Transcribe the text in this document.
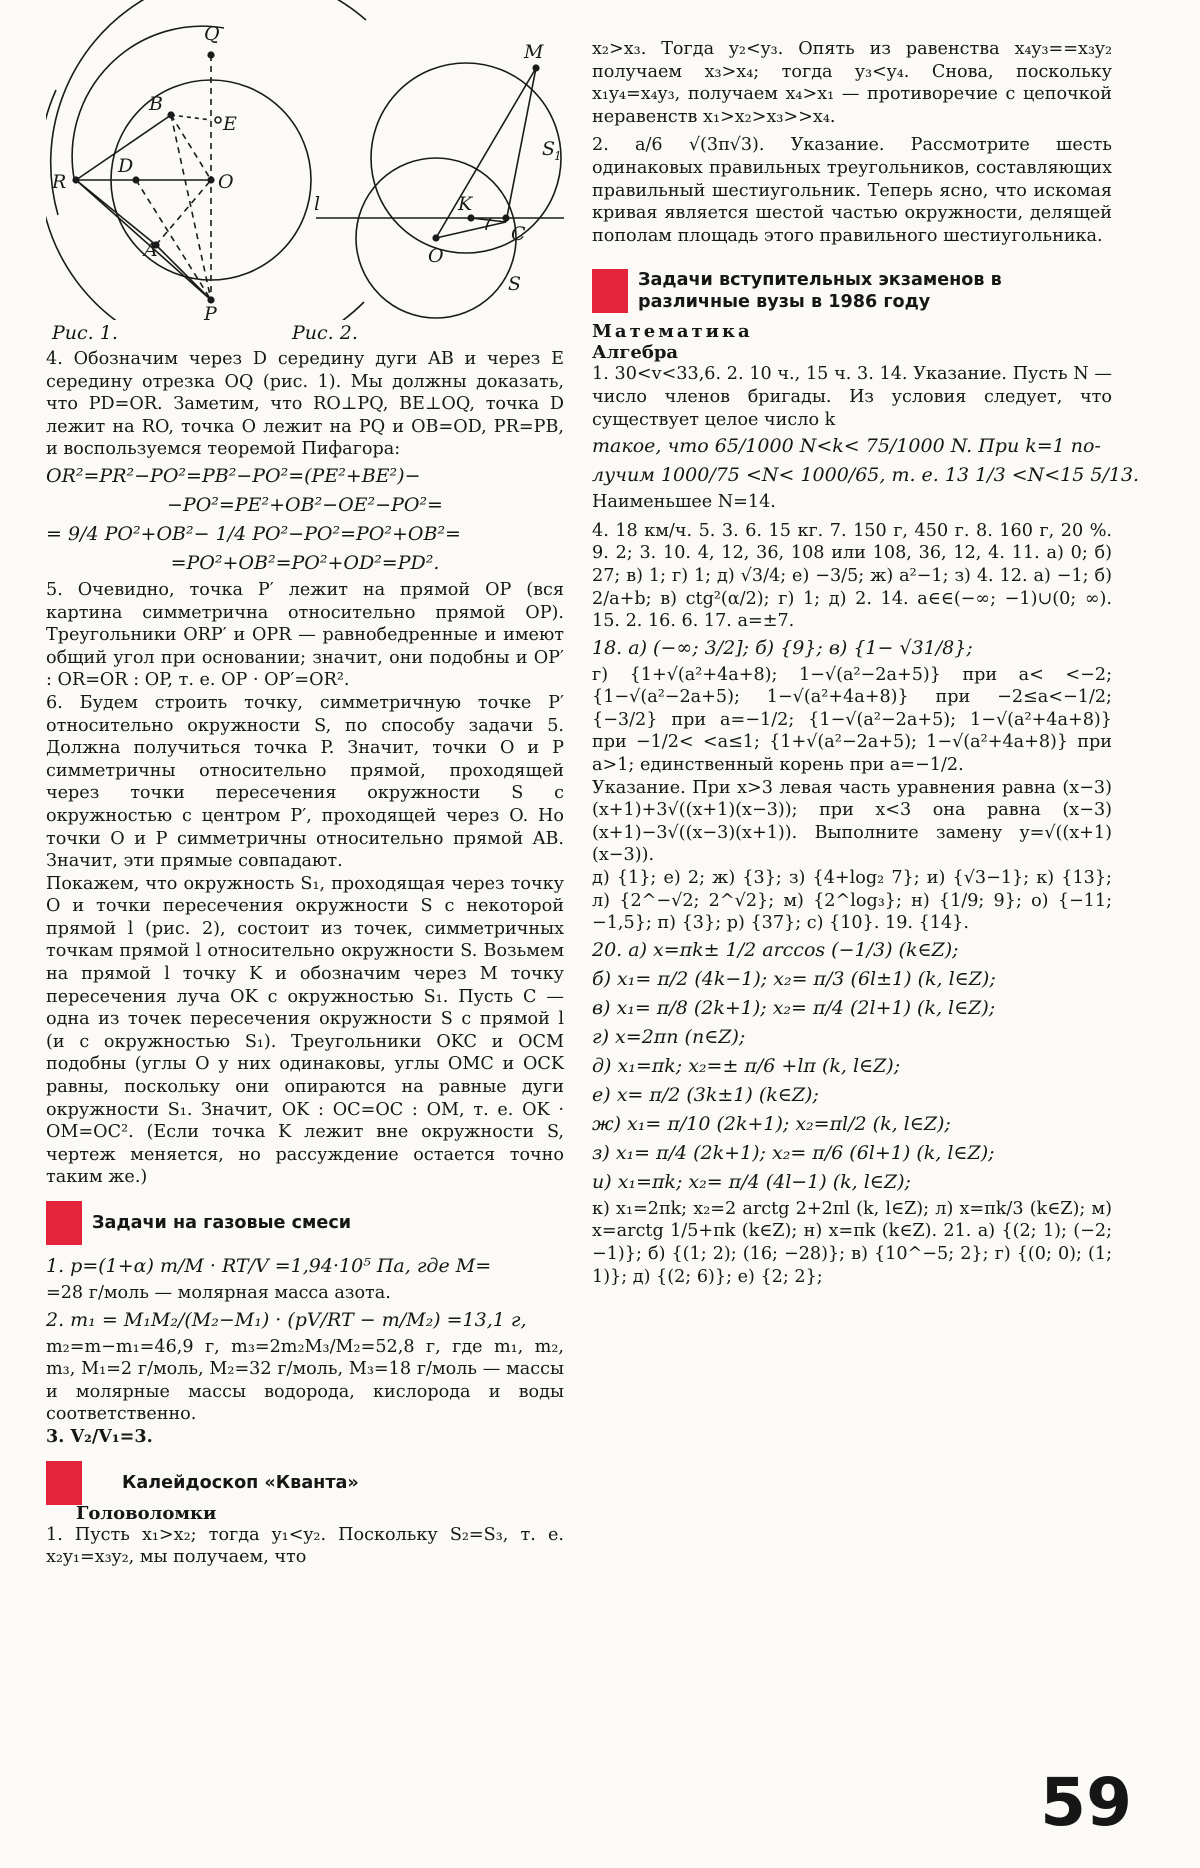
Q
B
E
R
D
O
A
P
M
S
1
l	K
C
O
S
Рис. 1.	Рис. 2.

4. Обозначим через D середину дуги AB и через E середину отрезка OQ (рис. 1). Мы должны доказать, что PD=OR. Заметим, что RO⊥PQ, BE⊥OQ, точка D лежит на RO, точка O лежит на PQ и OB=OD, PR=PB, и воспользуемся теоремой Пифагора:

OR²=PR²−PO²=PB²−PO²=(PE²+BE²)−
−PO²=PE²+OB²−OE²−PO²=
= 9/4 PO²+OB²− 1/4 PO²−PO²=PO²+OB²=
=PO²+OB²=PO²+OD²=PD².

5. Очевидно, точка P′ лежит на прямой OP (вся картина симметрична относительно прямой OP). Треугольники ORP′ и OPR — равнобедренные и имеют общий угол при основании; значит, они подобны и OP′ : OR=OR : OP, т. е. OP · OP′=OR².

6. Будем строить точку, симметричную точке P′ относительно окружности S, по способу задачи 5. Должна получиться точка P. Значит, точки O и P симметричны относительно прямой, проходящей через точки пересечения окружности S с окружностью с центром P′, проходящей через O. Но точки O и P симметричны относительно прямой AB. Значит, эти прямые совпадают.

Покажем, что окружность S₁, проходящая через точку O и точки пересечения окружности S с некоторой прямой l (рис. 2), состоит из точек, симметричных точкам прямой l относительно окружности S. Возьмем на прямой l точку K и обозначим через M точку пересечения луча OK с окружностью S₁. Пусть C — одна из точек пересечения окружности S с прямой l (и с окружностью S₁). Треугольники OKC и OCM подобны (углы O у них одинаковы, углы OMC и OCK равны, поскольку они опираются на равные дуги окружности S₁. Значит, OK : OC=OC : OM, т. е. OK · OM=OC². (Если точка K лежит вне окружности S, чертеж меняется, но рассуждение остается точно таким же.)

Задачи на газовые смеси
1. p=(1+α) m/M · RT/V =1,94·10⁵ Па, где M=

=28 г/моль — молярная масса азота.

2. m₁ = M₁M₂/(M₂−M₁) · (pV/RT − m/M₂) =13,1 г,

m₂=m−m₁=46,9 г, m₃=2m₂M₃/M₂=52,8 г, где m₁, m₂, m₃, M₁=2 г/моль, M₂=32 г/моль, M₃=18 г/моль — массы и молярные массы водорода, кислорода и воды соответственно.

3. V₂/V₁=3.

Калейдоскоп «Кванта»
Головоломки

1. Пусть x₁>x₂; тогда y₁<y₂. Поскольку S₂=S₃, т. е. x₂y₁=x₃y₂, мы получаем, что

x₂>x₃. Тогда y₂<y₃. Опять из равенства x₄y₃==x₃y₂ получаем x₃>x₄; тогда y₃<y₄. Снова, поскольку x₁y₄=x₄y₃, получаем x₄>x₁ — противоречие с цепочкой неравенств x₁>x₂>x₃>>x₄.

2. a/6 √(3π√3). Указание. Рассмотрите шесть одинаковых правильных треугольников, составляющих правильный шестиугольник. Теперь ясно, что искомая кривая является шестой частью окружности, делящей пополам площадь этого правильного шестиугольника.

Задачи вступительных экзаменов в различные вузы в 1986 году
Математика
Алгебра

1. 30<v<33,6. 2. 10 ч., 15 ч. 3. 14. Указание. Пусть N — число членов бригады. Из условия следует, что существует целое число k

такое, что 65/1000 N<k< 75/1000 N. При k=1 по-
лучим 1000/75 <N< 1000/65, т. е. 13 1/3 <N<15 5/13.

Наименьшее N=14.

4. 18 км/ч. 5. 3. 6. 15 кг. 7. 150 г, 450 г. 8. 160 г, 20 %. 9. 2; 3. 10. 4, 12, 36, 108 или 108, 36, 12, 4. 11. а) 0; б) 27; в) 1; г) 1; д) √3/4; е) −3/5; ж) a²−1; з) 4. 12. а) −1; б) 2/a+b; в) ctg²(α/2); г) 1; д) 2. 14. a∈∈(−∞; −1)∪(0; ∞). 15. 2. 16. 6. 17. a=±7.

18. а) (−∞; 3/2]; б) {9}; в) {1− √31/8};

г) {1+√(a²+4a+8); 1−√(a²−2a+5)} при a< <−2; {1−√(a²−2a+5); 1−√(a²+4a+8)} при −2≤a<−1/2; {−3/2} при a=−1/2; {1−√(a²−2a+5); 1−√(a²+4a+8)} при −1/2< <a≤1; {1+√(a²−2a+5); 1−√(a²+4a+8)} при a>1; единственный корень при a=−1/2.

Указание. При x>3 левая часть уравнения равна (x−3)(x+1)+3√((x+1)(x−3)); при x<3 она равна (x−3)(x+1)−3√((x−3)(x+1)). Выполните замену y=√((x+1)(x−3)).

д) {1}; е) 2; ж) {3}; з) {4+log₂ 7}; и) {√3−1}; к) {13}; л) {2^−√2; 2^√2}; м) {2^log₃}; н) {1/9; 9}; о) {−11; −1,5}; п) {3}; р) {37}; с) {10}. 19. {14}.

20. а) x=πk± 1/2 arccos (−1/3) (k∈Z);
б) x₁= π/2 (4k−1); x₂= π/3 (6l±1) (k, l∈Z);
в) x₁= π/8 (2k+1); x₂= π/4 (2l+1) (k, l∈Z);
г) x=2πn (n∈Z);
д) x₁=πk; x₂=± π/6 +lπ (k, l∈Z);
е) x= π/2 (3k±1) (k∈Z);
ж) x₁= π/10 (2k+1); x₂=πl/2 (k, l∈Z);
з) x₁= π/4 (2k+1); x₂= π/6 (6l+1) (k, l∈Z);
и) x₁=πk; x₂= π/4 (4l−1) (k, l∈Z);

к) x₁=2πk; x₂=2 arctg 2+2πl (k, l∈Z); л) x=πk/3 (k∈Z); м) x=arctg 1/5+πk (k∈Z); н) x=πk (k∈Z). 21. а) {(2; 1); (−2; −1)}; б) {(1; 2); (16; −28)}; в) {10^−5; 2}; г) {(0; 0); (1; 1)}; д) {(2; 6)}; е) {2; 2};

59
